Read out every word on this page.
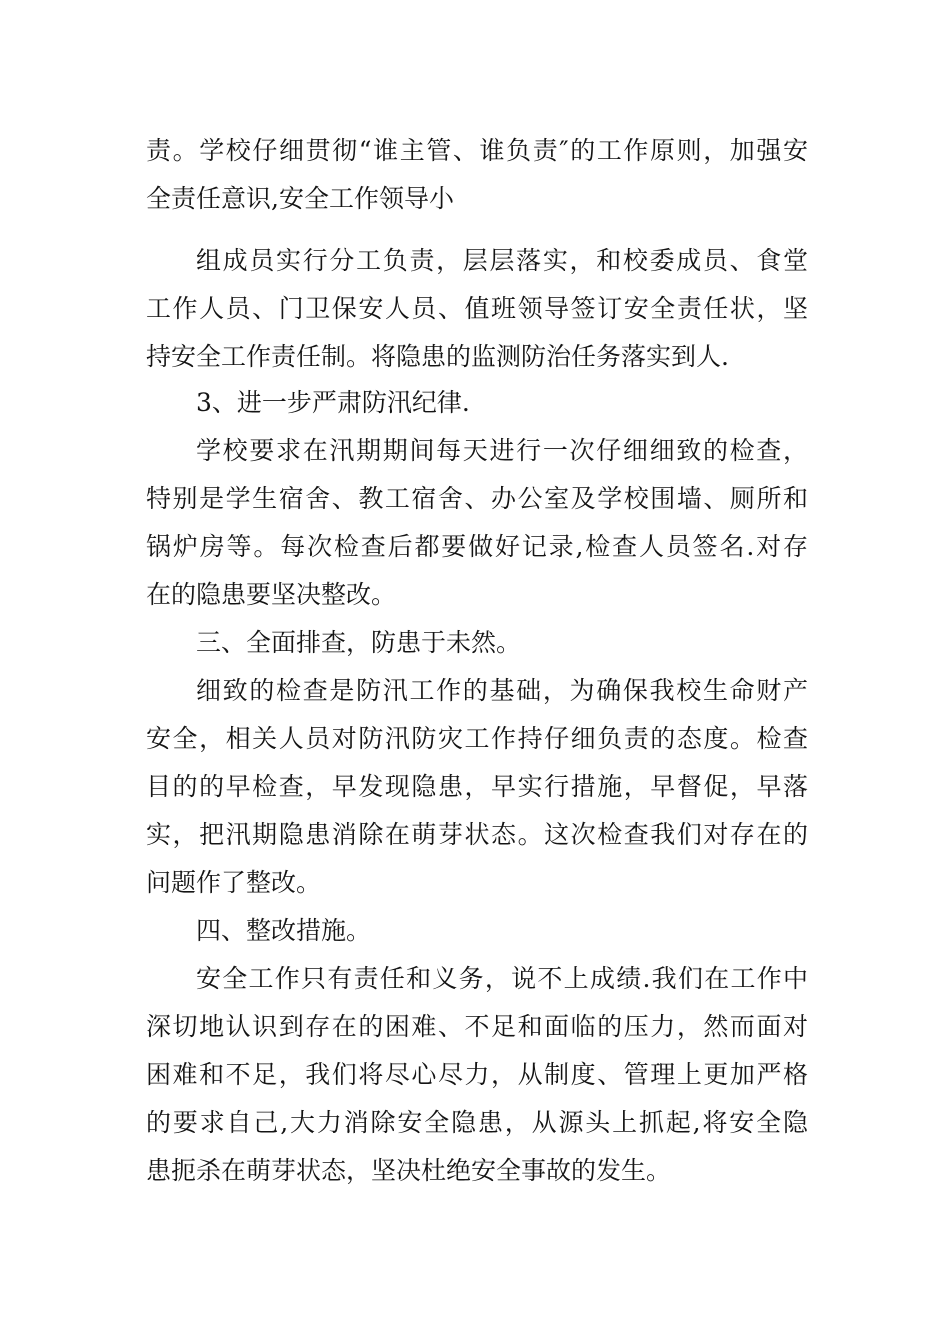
责。学校仔细贯彻“谁主管、谁负责″的工作原则，加强安
全责任意识,安全工作领导小
组成员实行分工负责，层层落实，和校委成员、食堂
工作人员、门卫保安人员、值班领导签订安全责任状，坚
持安全工作责任制。将隐患的监测防治任务落实到人.
3、进一步严肃防汛纪律.
学校要求在汛期期间每天进行一次仔细细致的检查，
特别是学生宿舍、教工宿舍、办公室及学校围墙、厕所和
锅炉房等。每次检查后都要做好记录,检查人员签名.对存
在的隐患要坚决整改。
三、全面排查，防患于未然。
细致的检查是防汛工作的基础，为确保我校生命财产
安全，相关人员对防汛防灾工作持仔细负责的态度。检查
目的的早检查，早发现隐患，早实行措施，早督促，早落
实，把汛期隐患消除在萌芽状态。这次检查我们对存在的
问题作了整改。
四、整改措施。
安全工作只有责任和义务，说不上成绩.我们在工作中
深切地认识到存在的困难、不足和面临的压力，然而面对
困难和不足，我们将尽心尽力，从制度、管理上更加严格
的要求自己,大力消除安全隐患，从源头上抓起,将安全隐
患扼杀在萌芽状态，坚决杜绝安全事故的发生。
